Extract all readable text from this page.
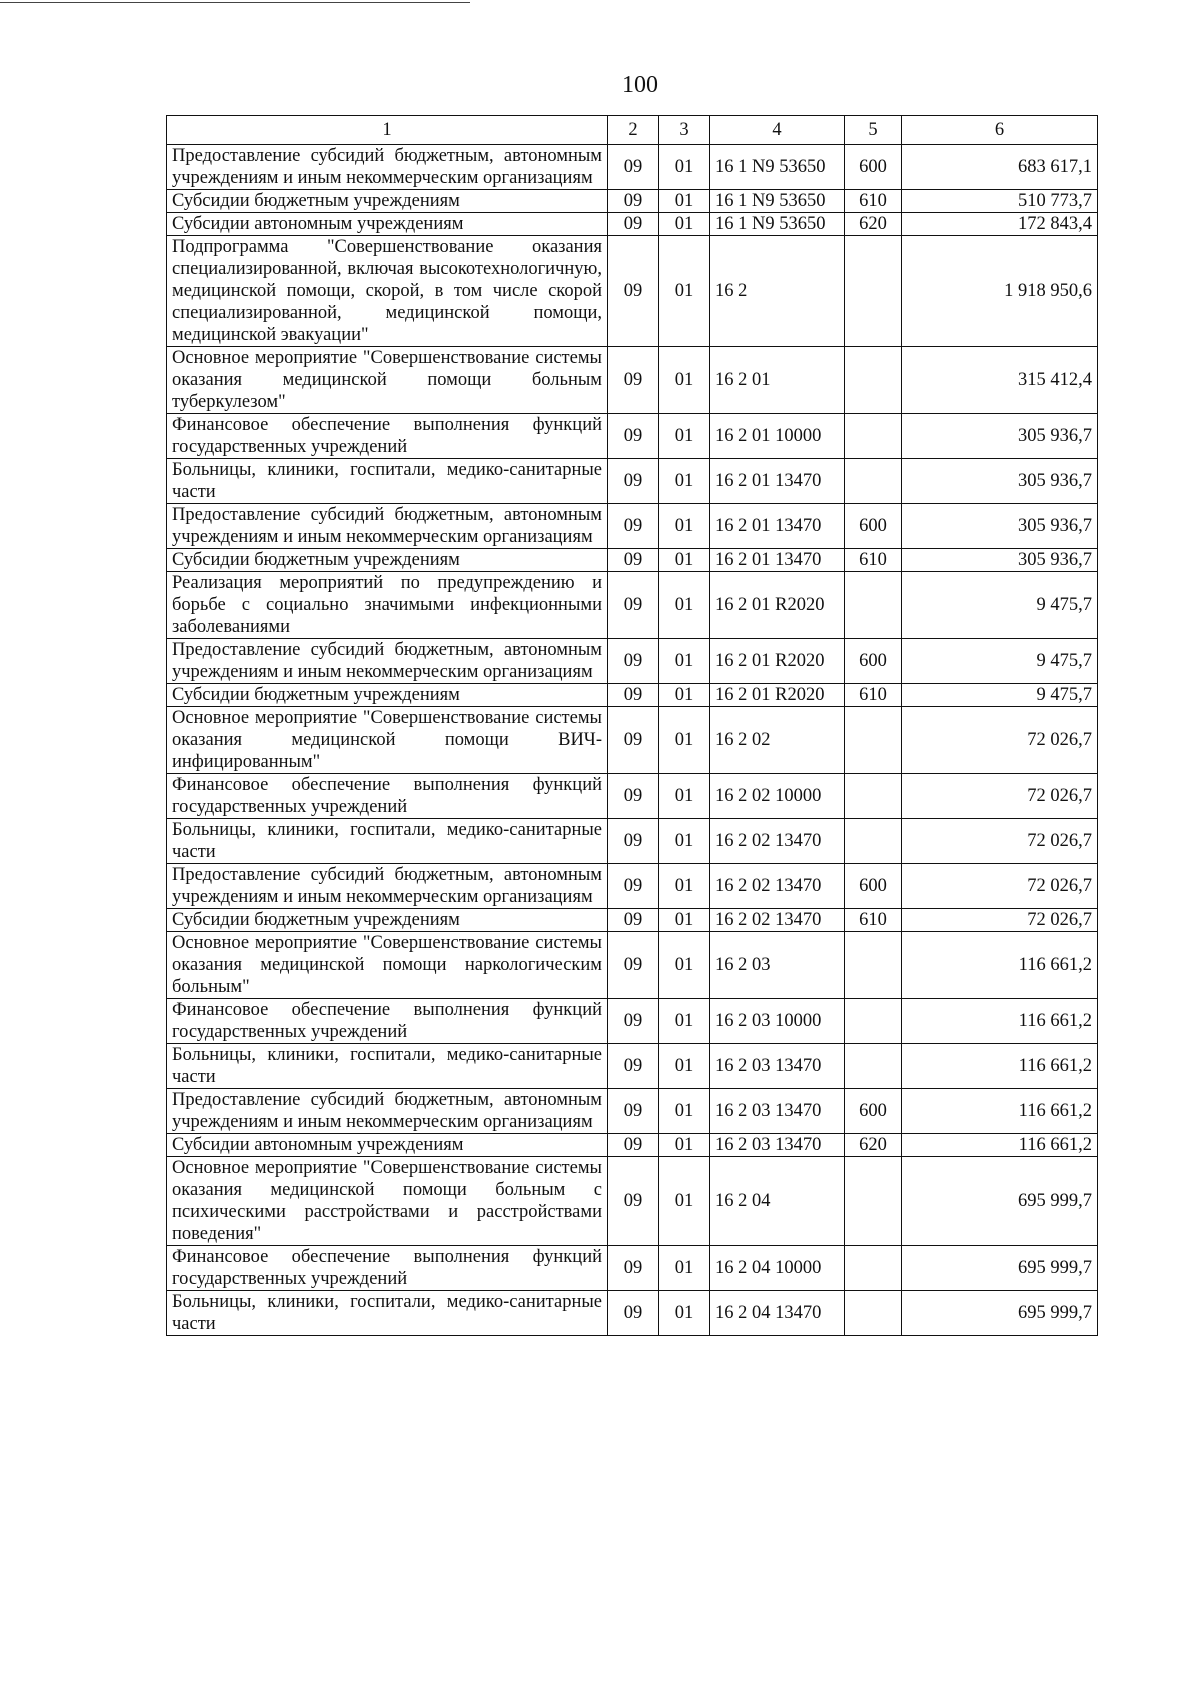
100
1	2	3	4	5	6
Предоставление субсидий бюджетным, автономным учреждениям и иным некоммерческим организациям	09	01	16 1 N9 53650	600	683 617,1
Субсидии бюджетным учреждениям	09	01	16 1 N9 53650	610	510 773,7
Субсидии автономным учреждениям	09	01	16 1 N9 53650	620	172 843,4
Подпрограмма "Совершенствование оказания специализированной, включая высокотехнологичную, медицинской помощи, скорой, в том числе скорой специализированной, медицинской помощи, медицинской эвакуации"	09	01	16 2		1 918 950,6
Основное мероприятие "Совершенствование системы оказания медицинской помощи больным туберкулезом"	09	01	16 2 01		315 412,4
Финансовое обеспечение выполнения функций государственных учреждений	09	01	16 2 01 10000		305 936,7
Больницы, клиники, госпитали, медико-санитарные части	09	01	16 2 01 13470		305 936,7
Предоставление субсидий бюджетным, автономным учреждениям и иным некоммерческим организациям	09	01	16 2 01 13470	600	305 936,7
Субсидии бюджетным учреждениям	09	01	16 2 01 13470	610	305 936,7
Реализация мероприятий по предупреждению и борьбе с социально значимыми инфекционными заболеваниями	09	01	16 2 01 R2020		9 475,7
Предоставление субсидий бюджетным, автономным учреждениям и иным некоммерческим организациям	09	01	16 2 01 R2020	600	9 475,7
Субсидии бюджетным учреждениям	09	01	16 2 01 R2020	610	9 475,7
Основное мероприятие "Совершенствование системы оказания медицинской помощи ВИЧ-инфицированным"	09	01	16 2 02		72 026,7
Финансовое обеспечение выполнения функций государственных учреждений	09	01	16 2 02 10000		72 026,7
Больницы, клиники, госпитали, медико-санитарные части	09	01	16 2 02 13470		72 026,7
Предоставление субсидий бюджетным, автономным учреждениям и иным некоммерческим организациям	09	01	16 2 02 13470	600	72 026,7
Субсидии бюджетным учреждениям	09	01	16 2 02 13470	610	72 026,7
Основное мероприятие "Совершенствование системы оказания медицинской помощи наркологическим больным"	09	01	16 2 03		116 661,2
Финансовое обеспечение выполнения функций государственных учреждений	09	01	16 2 03 10000		116 661,2
Больницы, клиники, госпитали, медико-санитарные части	09	01	16 2 03 13470		116 661,2
Предоставление субсидий бюджетным, автономным учреждениям и иным некоммерческим организациям	09	01	16 2 03 13470	600	116 661,2
Субсидии автономным учреждениям	09	01	16 2 03 13470	620	116 661,2
Основное мероприятие "Совершенствование системы оказания медицинской помощи больным с психическими расстройствами и расстройствами поведения"	09	01	16 2 04		695 999,7
Финансовое обеспечение выполнения функций государственных учреждений	09	01	16 2 04 10000		695 999,7
Больницы, клиники, госпитали, медико-санитарные части	09	01	16 2 04 13470		695 999,7
